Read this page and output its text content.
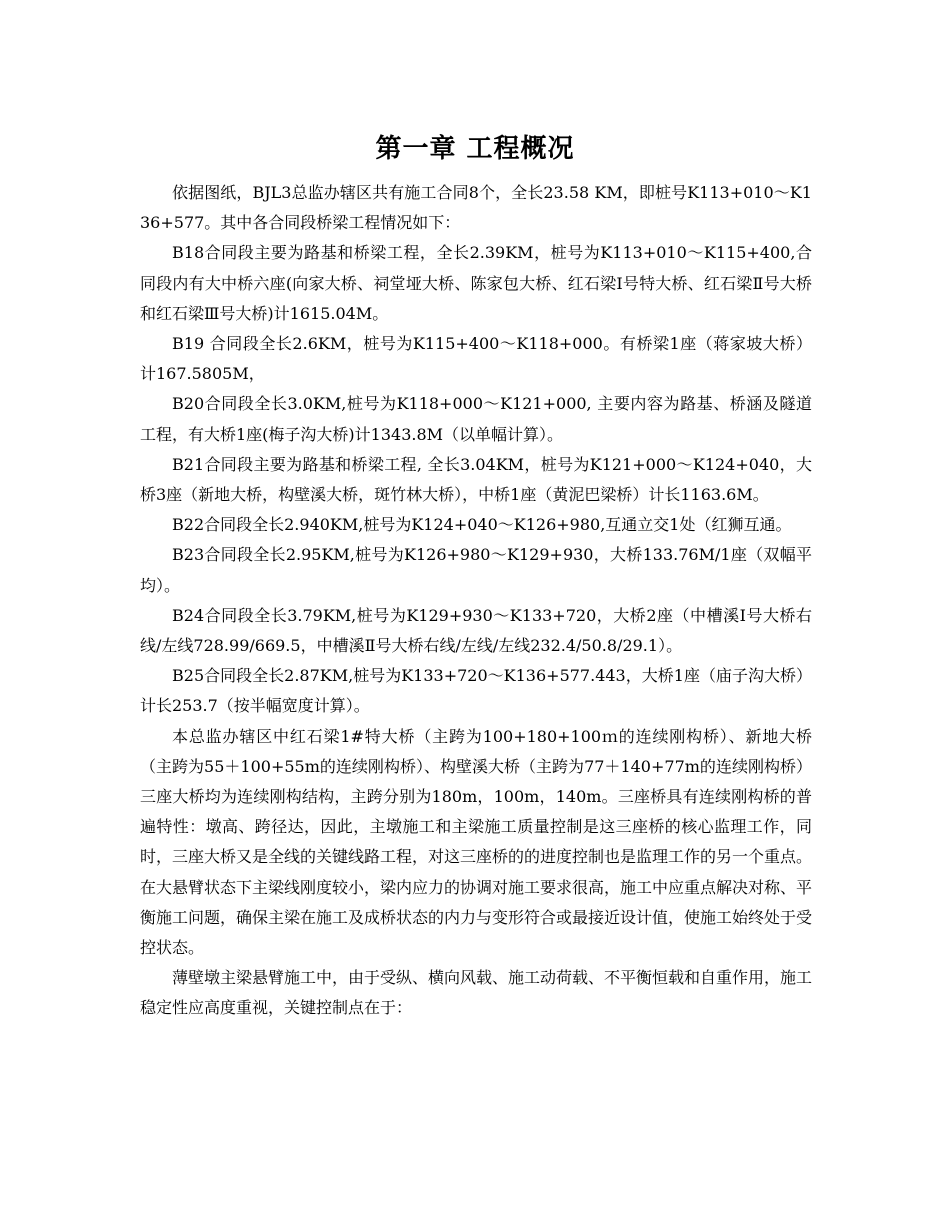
第一章 工程概况

依据图纸，BJL3总监办辖区共有施工合同8个，全长23.58 KM，即桩号K113+010～K136+577。其中各合同段桥梁工程情况如下：

B18合同段主要为路基和桥梁工程，全长2.39KM，桩号为K113+010～K115+400,合同段内有大中桥六座(向家大桥、祠堂垭大桥、陈家包大桥、红石梁Ⅰ号特大桥、红石梁Ⅱ号大桥和红石梁Ⅲ号大桥)计1615.04M。

B19 合同段全长2.6KM，桩号为K115+400～K118+000。有桥梁1座（蒋家坡大桥）计167.5805M，

B20合同段全长3.0KM,桩号为K118+000～K121+000, 主要内容为路基、桥涵及隧道工程，有大桥1座(梅子沟大桥)计1343.8M（以单幅计算）。

B21合同段主要为路基和桥梁工程, 全长3.04KM，桩号为K121+000～K124+040，大桥3座（新地大桥，构壁溪大桥，斑竹林大桥），中桥1座（黄泥巴梁桥）计长1163.6M。

B22合同段全长2.940KM,桩号为K124+040～K126+980,互通立交1处（红狮互通。

B23合同段全长2.95KM,桩号为K126+980～K129+930，大桥133.76M/1座（双幅平均）。

B24合同段全长3.79KM,桩号为K129+930～K133+720，大桥2座（中槽溪Ⅰ号大桥右线/左线728.99/669.5，中槽溪Ⅱ号大桥右线/左线/左线232.4/50.8/29.1）。

B25合同段全长2.87KM,桩号为K133+720～K136+577.443，大桥1座（庙子沟大桥）计长253.7（按半幅宽度计算）。

本总监办辖区中红石梁1#特大桥（主跨为100+180+100ｍ的连续刚构桥）、新地大桥（主跨为55＋100+55m的连续刚构桥）、构壁溪大桥（主跨为77＋140+77m的连续刚构桥）三座大桥均为连续刚构结构，主跨分别为180m，100m，140m。三座桥具有连续刚构桥的普遍特性：墩高、跨径达，因此，主墩施工和主梁施工质量控制是这三座桥的核心监理工作，同时，三座大桥又是全线的关键线路工程，对这三座桥的的进度控制也是监理工作的另一个重点。在大悬臂状态下主梁线刚度较小，梁内应力的协调对施工要求很高，施工中应重点解决对称、平衡施工问题，确保主梁在施工及成桥状态的内力与变形符合或最接近设计值，使施工始终处于受控状态。

薄壁墩主梁悬臂施工中，由于受纵、横向风载、施工动荷载、不平衡恒载和自重作用，施工稳定性应高度重视，关键控制点在于：
